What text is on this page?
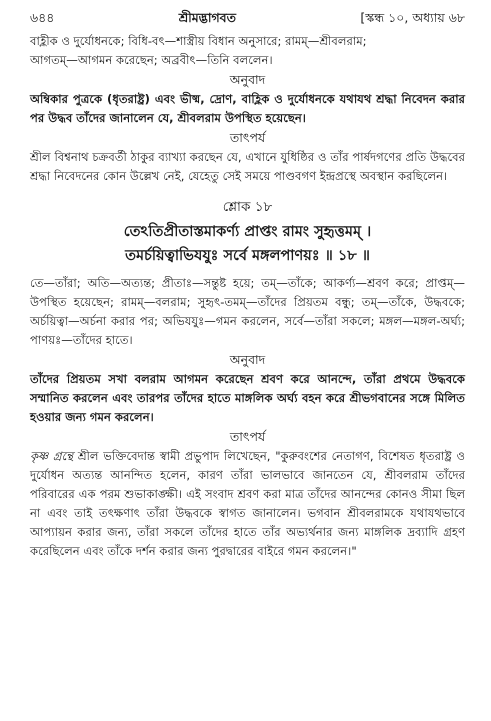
৬৪৪	শ্রীমদ্ভাগবত	[স্কন্ধ ১০, অধ্যায় ৬৮

বাহ্লীক ও দুর্যোধনকে; বিধি-বৎ—শাস্ত্রীয় বিধান অনুসারে; রামম্—শ্রীবলরাম;

আগতম্—আগমন করেছেন; অব্রবীৎ—তিনি বললেন।

অনুবাদ

অম্বিকার পুত্রকে (ধৃতরাষ্ট্র) এবং ভীষ্ম, দ্রোণ, বাহ্লিক ও দুর্যোধনকে যথাযথ শ্রদ্ধা নিবেদন করার পর উদ্ধব তাঁদের জানালেন যে, শ্রীবলরাম উপস্থিত হয়েছেন।

তাৎপর্য

শ্রীল বিশ্বনাথ চক্রবর্তী ঠাকুর ব্যাখ্যা করছেন যে, এখানে যুধিষ্ঠির ও তাঁর পার্ষদগণের প্রতি উদ্ধবের শ্রদ্ধা নিবেদনের কোন উল্লেখ নেই, যেহেতু সেই সময়ে পাণ্ডবগণ ইন্দ্রপ্রস্থে অবস্থান করছিলেন।

শ্লোক ১৮

তেঽতিপ্রীতাস্তমাকর্ণ্য প্রাপ্তং রামং সুহৃত্তমম্ ।

তমর্চয়িত্বাভিযযুঃ সর্বে মঙ্গলপাণয়ঃ ॥ ১৮ ॥

তে—তাঁরা; অতি—অত্যন্ত; প্রীতাঃ—সন্তুষ্ট হয়ে; তম্—তাঁকে; আকর্ণ্য—শ্রবণ করে; প্রাপ্তম্—উপস্থিত হয়েছেন; রামম্—বলরাম; সুহৃৎ-তমম্—তাঁদের প্রিয়তম বন্ধু; তম্—তাঁকে, উদ্ধবকে; অর্চয়িত্বা—অর্চনা করার পর; অভিযযুঃ—গমন করলেন, সর্বে—তাঁরা সকলে; মঙ্গল—মঙ্গল-অর্ঘ্য; পাণয়ঃ—তাঁদের হাতে।

অনুবাদ

তাঁদের প্রিয়তম সখা বলরাম আগমন করেছেন শ্রবণ করে আনন্দে, তাঁরা প্রথমে উদ্ধবকে সম্মানিত করলেন এবং তারপর তাঁদের হাতে মাঙ্গলিক অর্ঘ্য বহন করে শ্রীভগবানের সঙ্গে মিলিত হওয়ার জন্য গমন করলেন।

তাৎপর্য

কৃষ্ণ গ্রন্থে শ্রীল ভক্তিবেদান্ত স্বামী প্রভুপাদ লিখেছেন, "কুরুবংশের নেতাগণ, বিশেষত ধৃতরাষ্ট্র ও দুর্যোধন অত্যন্ত আনন্দিত হলেন, কারণ তাঁরা ভালভাবে জানতেন যে, শ্রীবলরাম তাঁদের পরিবারের এক পরম শুভাকাঙ্ক্ষী। এই সংবাদ শ্রবণ করা মাত্র তাঁদের আনন্দের কোনও সীমা ছিল না এবং তাই তৎক্ষণাৎ তাঁরা উদ্ধবকে স্বাগত জানালেন। ভগবান শ্রীবলরামকে যথাযথভাবে আপ্যায়ন করার জন্য, তাঁরা সকলে তাঁদের হাতে তাঁর অভ্যর্থনার জন্য মাঙ্গলিক দ্রব্যাদি গ্রহণ করেছিলেন এবং তাঁকে দর্শন করার জন্য পুরদ্বারের বাইরে গমন করলেন।"
